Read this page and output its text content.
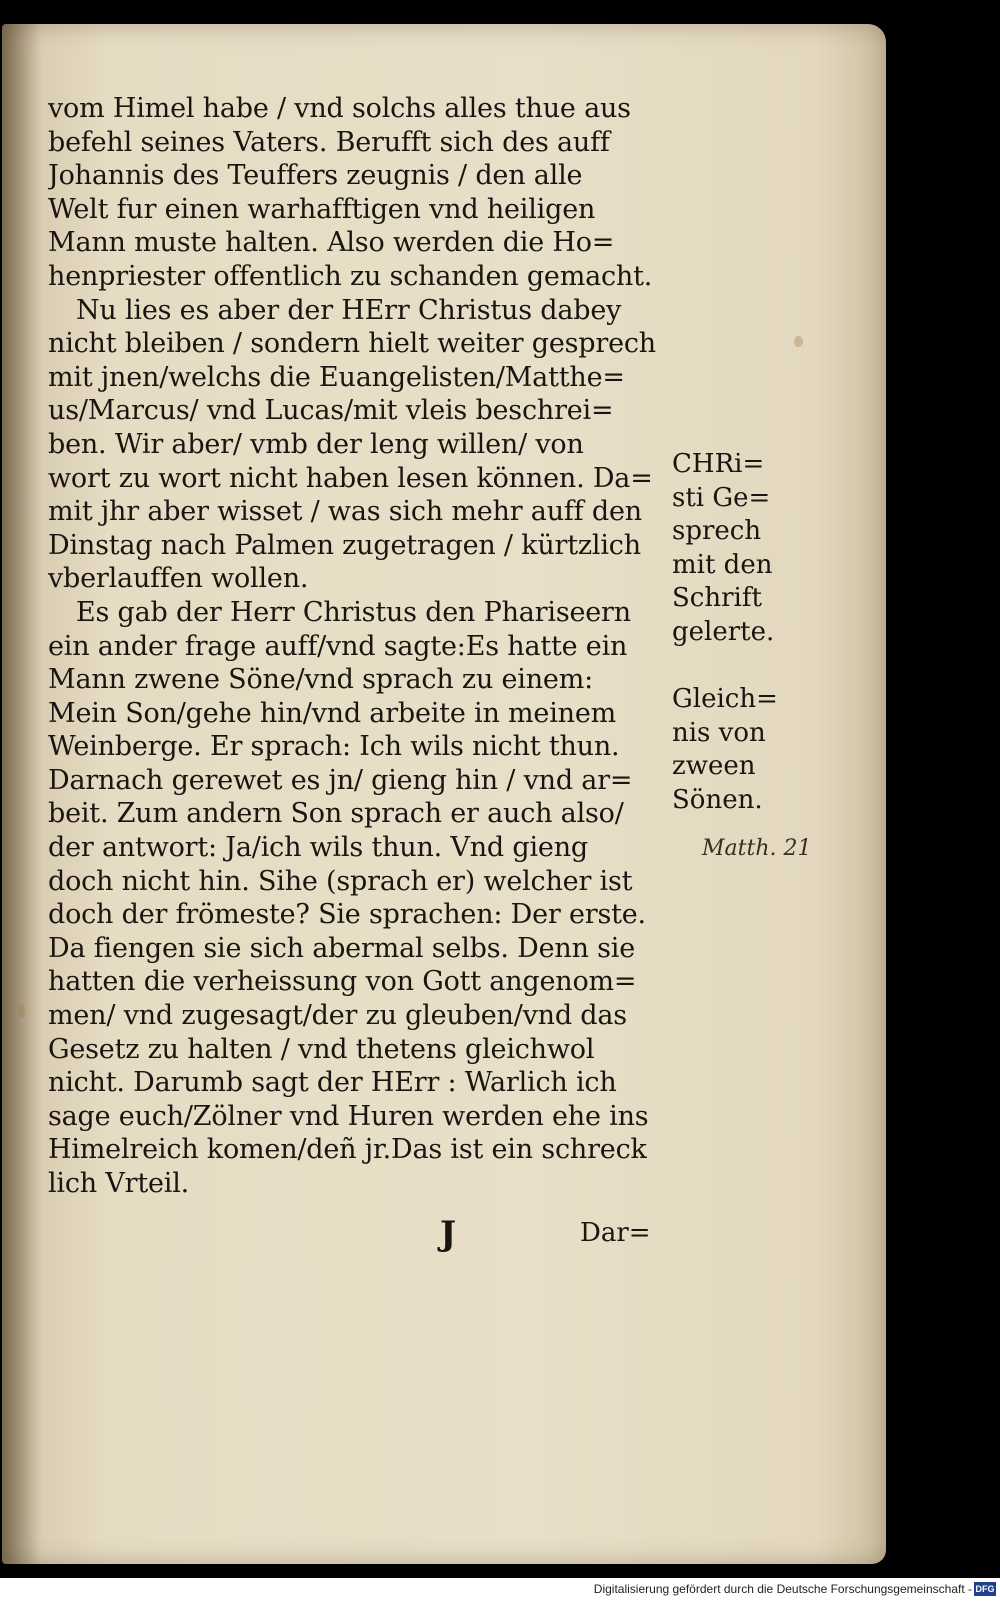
vom Himel habe / vnd solchs alles thue aus
befehl seines Vaters. Berufft sich des auff
Johannis des Teuffers zeugnis / den alle
Welt fur einen warhafftigen vnd heiligen
Mann muste halten. Also werden die Ho=
henpriester offentlich zu schanden gemacht.
Nu lies es aber der HErr Christus dabey
nicht bleiben / sondern hielt weiter gesprech
mit jnen/welchs die Euangelisten/Matthe=
us/Marcus/ vnd Lucas/mit vleis beschrei=
ben. Wir aber/ vmb der leng willen/ von
wort zu wort nicht haben lesen können. Da=
mit jhr aber wisset / was sich mehr auff den
Dinstag nach Palmen zugetragen / kürtzlich
vberlauffen wollen.
Es gab der Herr Christus den Phariseern
ein ander frage auff/vnd sagte:Es hatte ein
Mann zwene Söne/vnd sprach zu einem:
Mein Son/gehe hin/vnd arbeite in meinem
Weinberge. Er sprach: Ich wils nicht thun.
Darnach gerewet es jn/ gieng hin / vnd ar=
beit. Zum andern Son sprach er auch also/
der antwort: Ja/ich wils thun. Vnd gieng
doch nicht hin. Sihe (sprach er) welcher ist
doch der frömeste? Sie sprachen: Der erste.
Da fiengen sie sich abermal selbs. Denn sie
hatten die verheissung von Gott angenom=
men/ vnd zugesagt/der zu gleuben/vnd das
Gesetz zu halten / vnd thetens gleichwol
nicht. Darumb sagt der HErr : Warlich ich
sage euch/Zölner vnd Huren werden ehe ins
Himelreich komen/deñ jr.Das ist ein schreck
lich Vrteil.
CHRi=
sti Ge=
sprech
mit den
Schrift
gelerte.
Gleich=
nis von
zween
Sönen.
Matth. 21
J	Dar=
Digitalisierung gefördert durch die Deutsche Forschungsgemeinschaft - DFG
